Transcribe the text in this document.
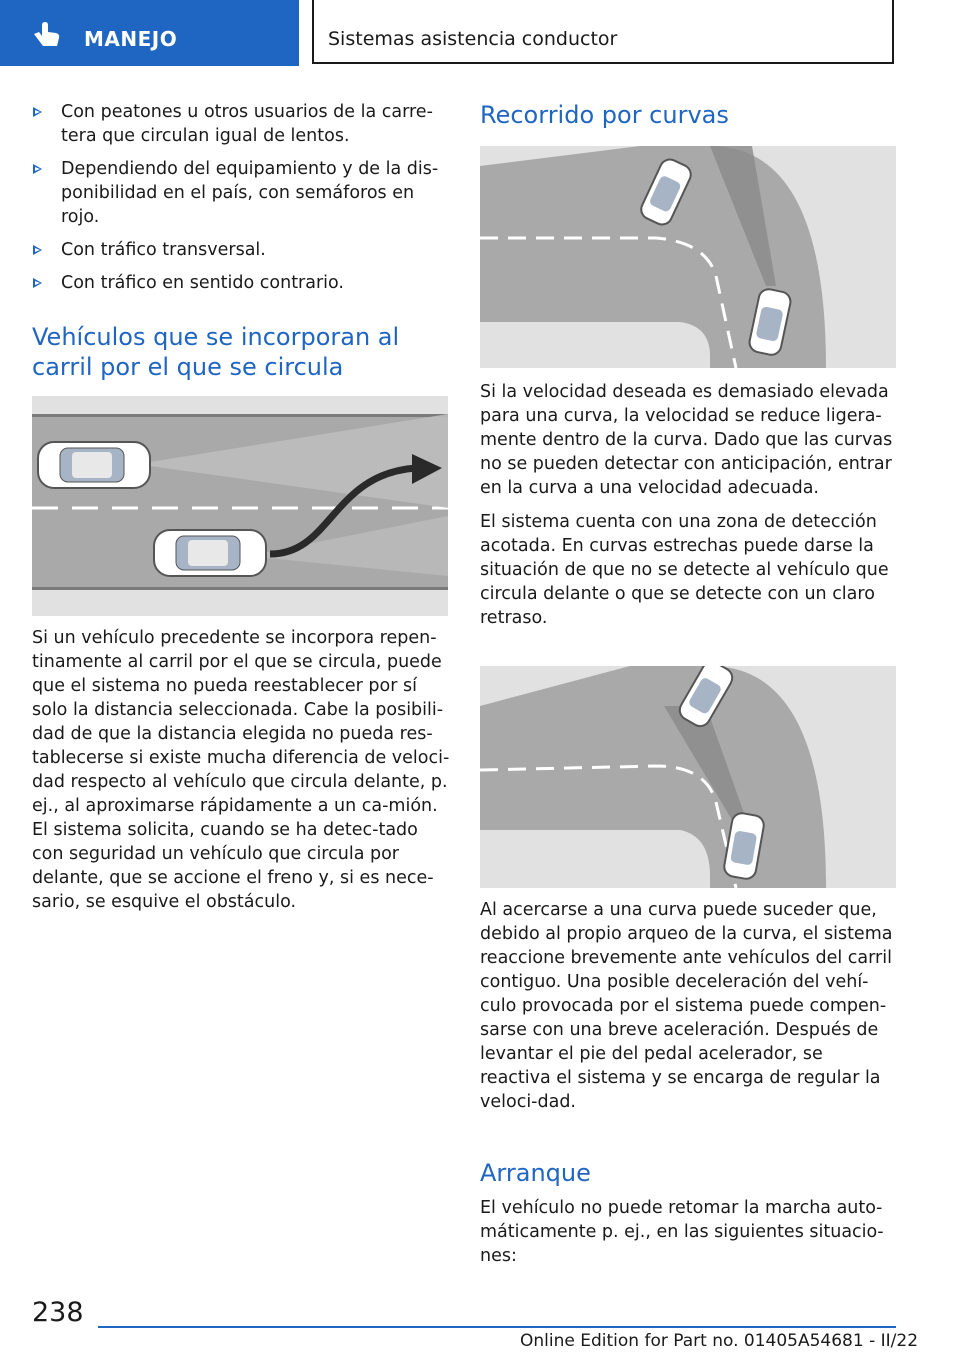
MANEJO	Sistemas asistencia conductor
Con peatones u otros usuarios de la carre‐tera que circulan igual de lentos.
Dependiendo del equipamiento y de la dis‐ponibilidad en el país, con semáforos en rojo.
Con tráfico transversal.
Con tráfico en sentido contrario.
Vehículos que se incorporan al carril por el que se circula

Si un vehículo precedente se incorpora repen‐tinamente al carril por el que se circula, puede que el sistema no pueda reestablecer por sí solo la distancia seleccionada. Cabe la posibili‐dad de que la distancia elegida no pueda res‐tablecerse si existe mucha diferencia de veloci‐dad respecto al vehículo que circula delante, p. ej., al aproximarse rápidamente a un ca‐mión. El sistema solicita, cuando se ha detec‐tado con seguridad un vehículo que circula por delante, que se accione el freno y, si es nece‐sario, se esquive el obstáculo.

Recorrido por curvas

Si la velocidad deseada es demasiado elevada para una curva, la velocidad se reduce ligera‐mente dentro de la curva. Dado que las curvas no se pueden detectar con anticipación, entrar en la curva a una velocidad adecuada.

El sistema cuenta con una zona de detección acotada. En curvas estrechas puede darse la situación de que no se detecte al vehículo que circula delante o que se detecte con un claro retraso.

Al acercarse a una curva puede suceder que, debido al propio arqueo de la curva, el sistema reaccione brevemente ante vehículos del carril contiguo. Una posible deceleración del vehí‐culo provocada por el sistema puede compen‐sarse con una breve aceleración. Después de levantar el pie del pedal acelerador, se reactiva el sistema y se encarga de regular la veloci‐dad.

Arranque

El vehículo no puede retomar la marcha auto‐máticamente p. ej., en las siguientes situacio‐nes:

238
Online Edition for Part no. 01405A54681 - II/22
